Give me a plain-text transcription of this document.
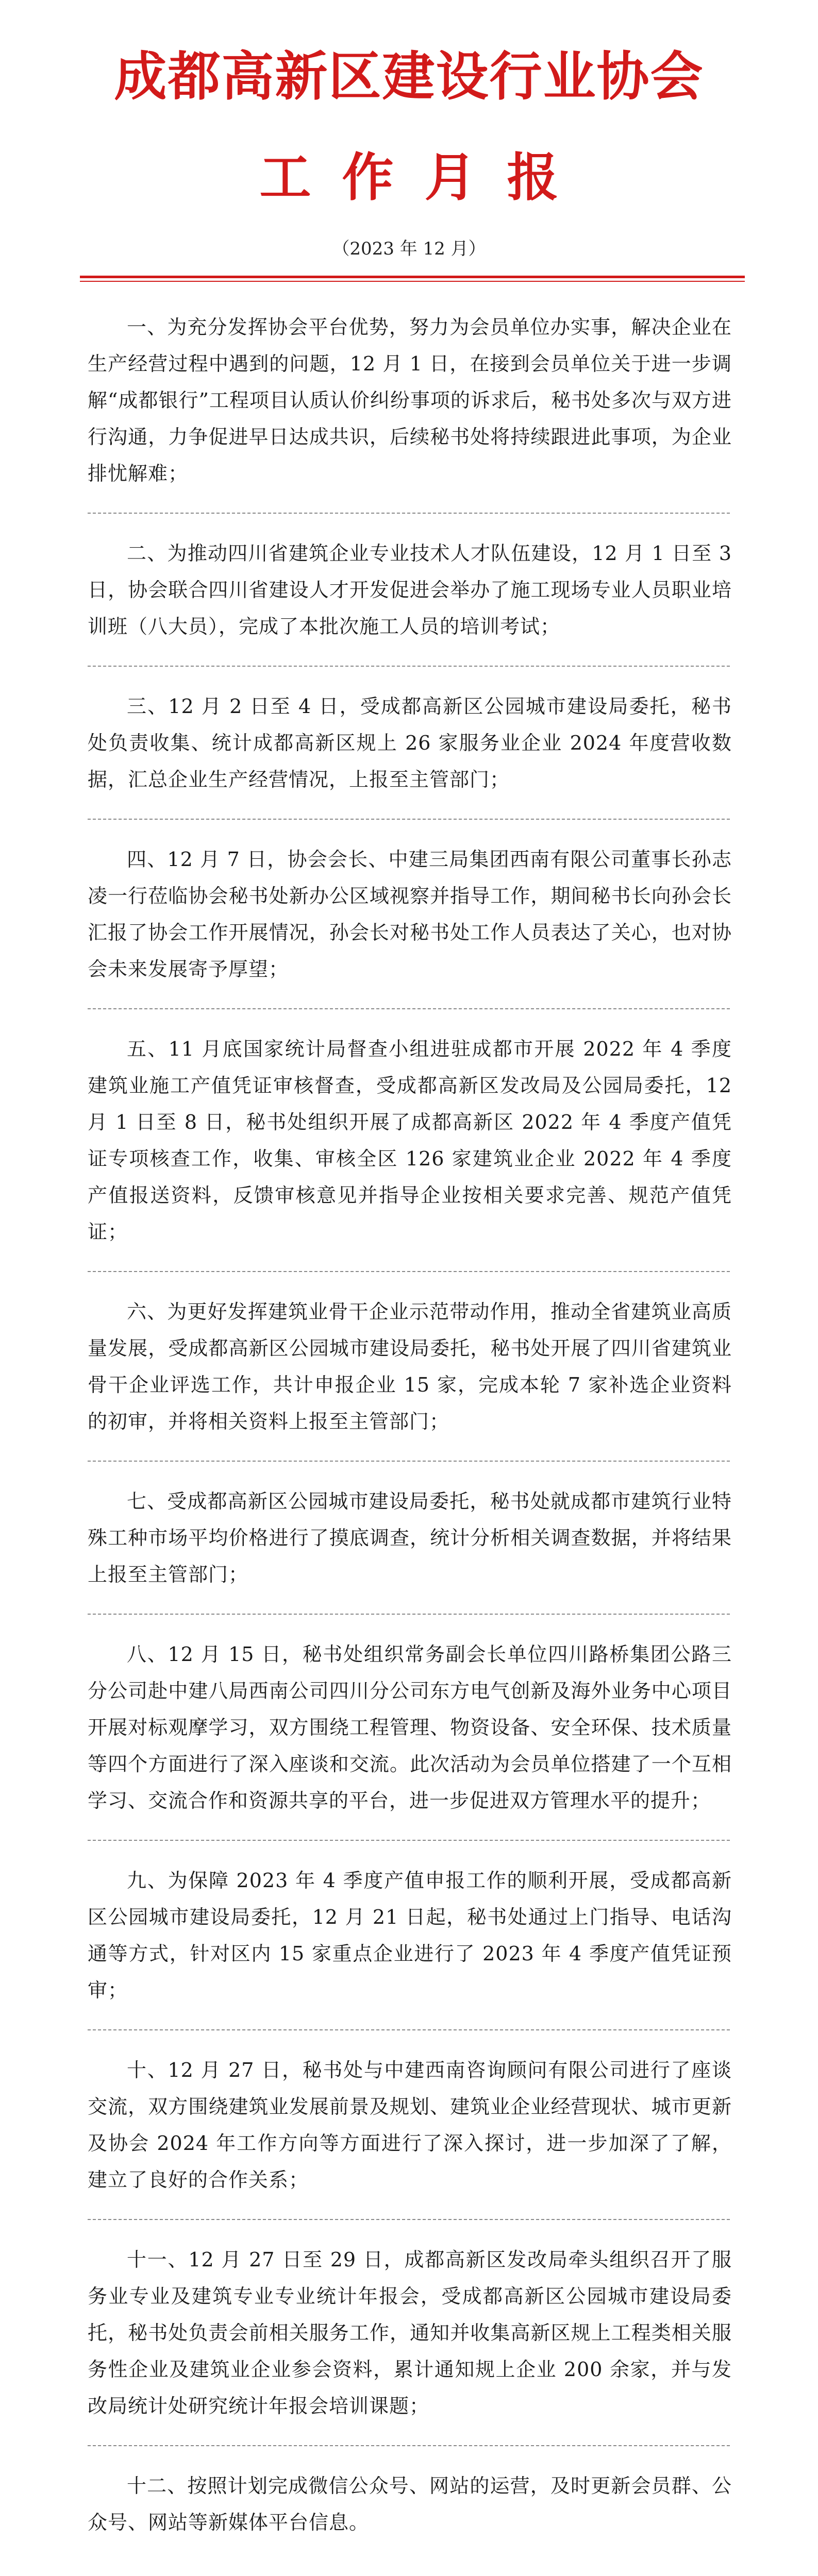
成都高新区建设行业协会
工作月报
（2023 年 12 月）

一、为充分发挥协会平台优势，努力为会员单位办实事，解决企业在生产经营过程中遇到的问题，12 月 1 日，在接到会员单位关于进一步调解“成都银行”工程项目认质认价纠纷事项的诉求后，秘书处多次与双方进行沟通，力争促进早日达成共识，后续秘书处将持续跟进此事项，为企业排忧解难；

二、为推动四川省建筑企业专业技术人才队伍建设，12 月 1 日至 3 日，协会联合四川省建设人才开发促进会举办了施工现场专业人员职业培训班（八大员），完成了本批次施工人员的培训考试；

三、12 月 2 日至 4 日，受成都高新区公园城市建设局委托，秘书处负责收集、统计成都高新区规上 26 家服务业企业 2024 年度营收数据，汇总企业生产经营情况，上报至主管部门；

四、12 月 7 日，协会会长、中建三局集团西南有限公司董事长孙志凌一行莅临协会秘书处新办公区域视察并指导工作，期间秘书长向孙会长汇报了协会工作开展情况，孙会长对秘书处工作人员表达了关心，也对协会未来发展寄予厚望；

五、11 月底国家统计局督查小组进驻成都市开展 2022 年 4 季度建筑业施工产值凭证审核督查，受成都高新区发改局及公园局委托，12 月 1 日至 8 日，秘书处组织开展了成都高新区 2022 年 4 季度产值凭证专项核查工作，收集、审核全区 126 家建筑业企业 2022 年 4 季度产值报送资料，反馈审核意见并指导企业按相关要求完善、规范产值凭证；

六、为更好发挥建筑业骨干企业示范带动作用，推动全省建筑业高质量发展，受成都高新区公园城市建设局委托，秘书处开展了四川省建筑业骨干企业评选工作，共计申报企业 15 家，完成本轮 7 家补选企业资料的初审，并将相关资料上报至主管部门；

七、受成都高新区公园城市建设局委托，秘书处就成都市建筑行业特殊工种市场平均价格进行了摸底调查，统计分析相关调查数据，并将结果上报至主管部门；

八、12 月 15 日，秘书处组织常务副会长单位四川路桥集团公路三分公司赴中建八局西南公司四川分公司东方电气创新及海外业务中心项目开展对标观摩学习，双方围绕工程管理、物资设备、安全环保、技术质量等四个方面进行了深入座谈和交流。此次活动为会员单位搭建了一个互相学习、交流合作和资源共享的平台，进一步促进双方管理水平的提升；

九、为保障 2023 年 4 季度产值申报工作的顺利开展，受成都高新区公园城市建设局委托，12 月 21 日起，秘书处通过上门指导、电话沟通等方式，针对区内 15 家重点企业进行了 2023 年 4 季度产值凭证预审；

十、12 月 27 日，秘书处与中建西南咨询顾问有限公司进行了座谈交流，双方围绕建筑业发展前景及规划、建筑业企业经营现状、城市更新及协会 2024 年工作方向等方面进行了深入探讨，进一步加深了了解，建立了良好的合作关系；

十一、12 月 27 日至 29 日，成都高新区发改局牵头组织召开了服务业专业及建筑专业专业统计年报会，受成都高新区公园城市建设局委托，秘书处负责会前相关服务工作，通知并收集高新区规上工程类相关服务性企业及建筑业企业参会资料，累计通知规上企业 200 余家，并与发改局统计处研究统计年报会培训课题；

十二、按照计划完成微信公众号、网站的运营，及时更新会员群、公众号、网站等新媒体平台信息。
